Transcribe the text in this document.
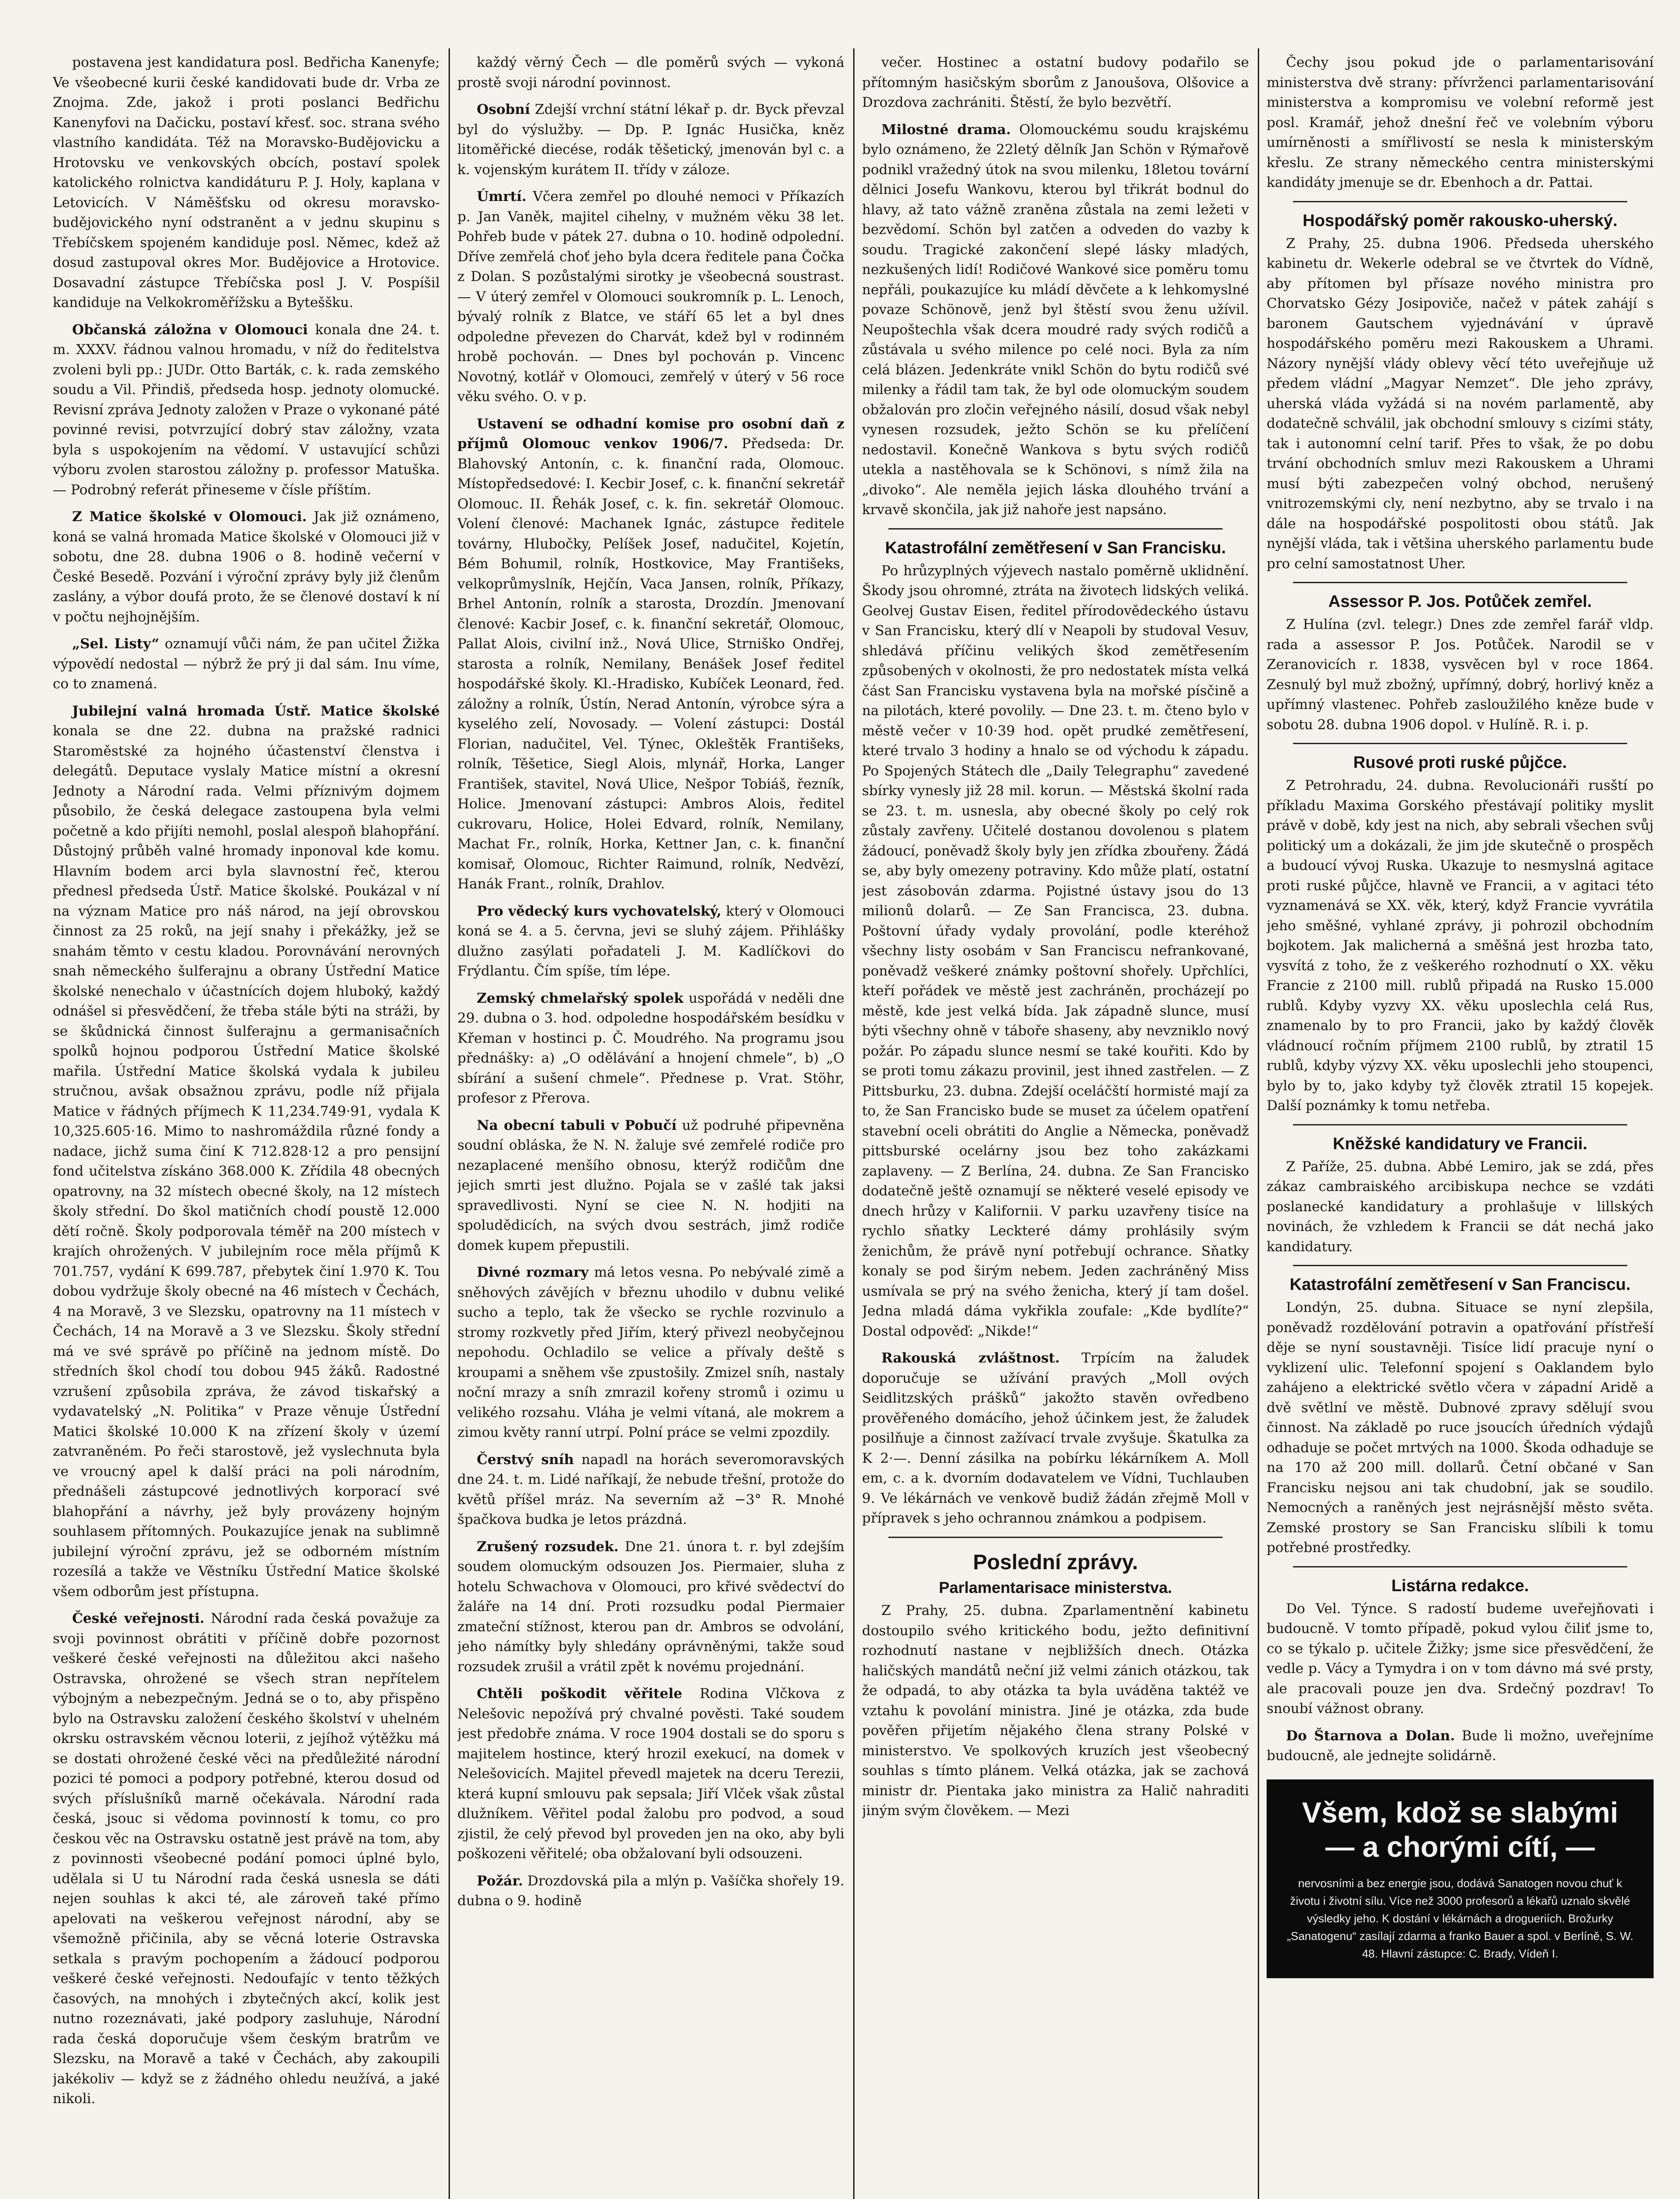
postavena jest kandidatura posl. Bedřicha Kanenyfe; Ve všeobecné kurii české kandidovati bude dr. Vrba ze Znojma. Zde, jakož i proti poslanci Bedřichu Kanenyfovi na Dačicku, postaví křesť. soc. strana svého vlastního kandidáta. Též na Moravsko-Budějovicku a Hrotovsku ve venkovských obcích, postaví spolek katolického rolnictva kandidáturu P. J. Holy, kaplana v Letovicích. V Náměšťsku od okresu moravsko-budějovického nyní odstraněnt a v jednu skupinu s Třebíčskem spojeném kandiduje posl. Němec, kdež až dosud zastupoval okres Mor. Budějovice a Hrotovice. Dosavadní zástupce Třebíčska posl J. V. Pospíšil kandiduje na Velkokroměřížsku a Byteššku.

Občanská záložna v Olomouci konala dne 24. t. m. XXXV. řádnou valnou hromadu, v níž do ředitelstva zvoleni byli pp.: JUDr. Otto Barták, c. k. rada zemského soudu a Vil. Přindiš, předseda hosp. jednoty olomucké. Revisní zpráva Jednoty založen v Praze o vykonané páté povinné revisi, potvrzující dobrý stav záložny, vzata byla s uspokojením na vědomí. V ustavující schůzi výboru zvolen starostou záložny p. professor Matuška. — Podrobný referát přineseme v čísle příštím.

Z Matice školské v Olomouci. Jak již oznámeno, koná se valná hromada Matice školské v Olomouci již v sobotu, dne 28. dubna 1906 o 8. hodině večerní v České Besedě. Pozvání i výroční zprávy byly již členům zaslány, a výbor doufá proto, že se členové dostaví k ní v počtu nejhojnějším.

„Sel. Listy“ oznamují vůči nám, že pan učitel Žižka výpovědí nedostal — nýbrž že prý ji dal sám. Inu víme, co to znamená.

Jubilejní valná hromada Ústř. Matice školské konala se dne 22. dubna na pražské radnici Staroměstské za hojného účastenství členstva i delegátů. Deputace vyslaly Matice místní a okresní Jednoty a Národní rada. Velmi příznivým dojmem působilo, že česká delegace zastoupena byla velmi početně a kdo přijíti nemohl, poslal alespoň blahopřání. Důstojný průběh valné hromady inponoval kde komu. Hlavním bodem arci byla slavnostní řeč, kterou přednesl předseda Ústř. Matice školské. Poukázal v ní na význam Matice pro náš národ, na její obrovskou činnost za 25 roků, na její snahy i překážky, jež se snahám těmto v cestu kladou. Porovnávání nerovných snah německého šulferajnu a obrany Ústřední Matice školské nenechalo v účastnících dojem hluboký, každý odnášel si přesvědčení, že třeba stále býti na stráži, by se škůdnická činnost šulferajnu a germanisačních spolků hojnou podporou Ústřední Matice školské mařila. Ústřední Matice školská vydala k jubileu stručnou, avšak obsažnou zprávu, podle níž přijala Matice v řádných příjmech K 11,234.749·91, vydala K 10,325.605·16. Mimo to nashromáždila různé fondy a nadace, jichž suma činí K 712.828·12 a pro pensijní fond učitelstva získáno 368.000 K. Zřídila 48 obecných opatrovny, na 32 místech obecné školy, na 12 místech školy střední. Do škol matičních chodí poustě 12.000 dětí ročně. Školy podporovala téměř na 200 místech v krajích ohrožených. V jubilejním roce měla příjmů K 701.757, vydání K 699.787, přebytek činí 1.970 K. Tou dobou vydržuje školy obecné na 46 místech v Čechách, 4 na Moravě, 3 ve Slezsku, opatrovny na 11 místech v Čechách, 14 na Moravě a 3 ve Slezsku. Školy střední má ve své správě po příčině na jednom místě. Do středních škol chodí tou dobou 945 žáků. Radostné vzrušení způsobila zpráva, že závod tiskařský a vydavatelský „N. Politika“ v Praze věnuje Ústřední Matici školské 10.000 K na zřízení školy v území zatvraněném. Po řeči starostově, jež vyslechnuta byla ve vroucný apel k další práci na poli národním, přednášeli zástupcové jednotlivých korporací své blahopřání a návrhy, jež byly provázeny hojným souhlasem přítomných. Poukazujíce jenak na sublimně jubilejní výroční zprávu, jež se odborném místním rozesílá a takže ve Věstníku Ústřední Matice školské všem odborům jest přístupna.

České veřejnosti. Národní rada česká považuje za svoji povinnost obrátiti v příčině dobře pozornost veškeré české veřejnosti na důležitou akci našeho Ostravska, ohrožené se všech stran nepřítelem výbojným a nebezpečným. Jedná se o to, aby přispěno bylo na Ostravsku založení českého školství v uhelném okrsku ostravském věcnou loterii, z jejíhož výtěžku má se dostati ohrožené české věci na předůležité národní pozici té pomoci a podpory potřebné, kterou dosud od svých příslušníků marně očekávala. Národní rada česká, jsouc si vědoma povinností k tomu, co pro českou věc na Ostravsku ostatně jest právě na tom, aby z povinnosti všeobecné podání pomoci úplné bylo, udělala si U tu Národní rada česká usnesla se dáti nejen souhlas k akci té, ale zároveň také přímo apelovati na veškerou veřejnost národní, aby se všemožně přičinila, aby se věcná loterie Ostravska setkala s pravým pochopením a žádoucí podporou veškeré české veřejnosti. Nedoufajíc v tento těžkých časových, na mnohých i zbytečných akcí, kolik jest nutno rozeznávati, jaké podpory zasluhuje, Národní rada česká doporučuje všem českým bratrům ve Slezsku, na Moravě a také v Čechách, aby zakoupili jakékoliv — když se z žádného ohledu neužívá, a jaké nikoli.

každý věrný Čech — dle poměrů svých — vykoná prostě svoji národní povinnost.

Osobní Zdejší vrchní státní lékař p. dr. Byck převzal byl do výslužby. — Dp. P. Ignác Husička, kněz litoměřické diecése, rodák těšetický, jmenován byl c. a k. vojenským kurátem II. třídy v záloze.

Úmrtí. Včera zemřel po dlouhé nemoci v Příkazích p. Jan Vaněk, majitel cihelny, v mužném věku 38 let. Pohřeb bude v pátek 27. dubna o 10. hodině odpolední. Dříve zemřelá choť jeho byla dcera ředitele pana Čočka z Dolan. S pozůstalými sirotky je všeobecná soustrast. — V úterý zemřel v Olomouci soukromník p. L. Lenoch, bývalý rolník z Blatce, ve stáří 65 let a byl dnes odpoledne převezen do Charvát, kdež byl v rodinném hrobě pochován. — Dnes byl pochován p. Vincenc Novotný, kotlář v Olomouci, zemřelý v úterý v 56 roce věku svého. O. v p.

Ustavení se odhadní komise pro osobní daň z příjmů Olomouc venkov 1906/7. Předseda: Dr. Blahovský Antonín, c. k. finanční rada, Olomouc. Místopředsedové: I. Kecbir Josef, c. k. finanční sekretář Olomouc. II. Řehák Josef, c. k. fin. sekretář Olomouc. Volení členové: Machanek Ignác, zástupce ředitele továrny, Hlubočky, Pelíšek Josef, nadučitel, Kojetín, Bém Bohumil, rolník, Hostkovice, May Františeks, velkoprůmyslník, Hejčín, Vaca Jansen, rolník, Příkazy, Brhel Antonín, rolník a starosta, Drozdín. Jmenovaní členové: Kacbir Josef, c. k. finanční sekretář, Olomouc, Pallat Alois, civilní inž., Nová Ulice, Strniško Ondřej, starosta a rolník, Nemilany, Benášek Josef ředitel hospodářské školy. Kl.-Hradisko, Kubíček Leonard, řed. záložny a rolník, Ústín, Nerad Antonín, výrobce sýra a kyselého zelí, Novosady. — Volení zástupci: Dostál Florian, nadučitel, Vel. Týnec, Okleštěk Františeks, rolník, Těšetice, Siegl Alois, mlynář, Horka, Langer František, stavitel, Nová Ulice, Nešpor Tobiáš, řezník, Holice. Jmenovaní zástupci: Ambros Alois, ředitel cukrovaru, Holice, Holei Edvard, rolník, Nemilany, Machat Fr., rolník, Horka, Kettner Jan, c. k. finanční komisař, Olomouc, Richter Raimund, rolník, Nedvězí, Hanák Frant., rolník, Drahlov.

Pro vědecký kurs vychovatelský, který v Olomouci koná se 4. a 5. června, jevi se sluhý zájem. Přihlášky dlužno zasýlati pořadateli J. M. Kadlíčkovi do Frýdlantu. Čím spíše, tím lépe.

Zemský chmelařský spolek uspořádá v neděli dne 29. dubna o 3. hod. odpoledne hospodářském besídku v Křeman v hostinci p. Č. Moudrého. Na programu jsou přednášky: a) „O odělávání a hnojení chmele“, b) „O sbírání a sušení chmele“. Přednese p. Vrat. Stöhr, profesor z Přerova.

Na obecní tabuli v Pobučí už podruhé připevněna soudní obláska, že N. N. žaluje své zemřelé rodiče pro nezaplacené menšího obnosu, kterýž rodičům dne jejich smrti jest dlužno. Pojala se v zašlé tak jaksi spravedlivosti. Nyní se ciee N. N. hodjiti na spoludědicích, na svých dvou sestrách, jimž rodiče domek kupem přepustili.

Divné rozmary má letos vesna. Po nebývalé zimě a sněhových závějích v březnu uhodilo v dubnu veliké sucho a teplo, tak že všecko se rychle rozvinulo a stromy rozkvetly před Jiřím, který přivezl neobyčejnou nepohodu. Ochladilo se velice a přívaly deště s kroupami a sněhem vše zpustošily. Zmizel sníh, nastaly noční mrazy a sníh zmrazil kořeny stromů i ozimu u velikého rozsahu. Vláha je velmi vítaná, ale mokrem a zimou květy ranní utrpí. Polní práce se velmi zpozdily.

Čerstvý sníh napadl na horách severomoravských dne 24. t. m. Lidé naříkají, že nebude třešní, protože do květů příšel mráz. Na severním až −3° R. Mnohé špačkova budka je letos prázdná.

Zrušený rozsudek. Dne 21. února t. r. byl zdejším soudem olomuckým odsouzen Jos. Piermaier, sluha z hotelu Schwachova v Olomouci, pro křivé svědectví do žaláře na 14 dní. Proti rozsudku podal Piermaier zmateční stížnost, kterou pan dr. Ambros se odvolání, jeho námítky byly shledány oprávněnými, takže soud rozsudek zrušil a vrátil zpět k novému projednání.

Chtěli poškodit věřitele Rodina Vlčkova z Nelešovic nepožívá prý chvalné pověsti. Také soudem jest předobře známa. V roce 1904 dostali se do sporu s majitelem hostince, který hrozil exekucí, na domek v Nelešovicích. Majitel převedl majetek na dceru Terezii, která kupní smlouvu pak sepsala; Jiří Vlček však zůstal dlužníkem. Věřitel podal žalobu pro podvod, a soud zjistil, že celý převod byl proveden jen na oko, aby byli poškozeni věřitelé; oba obžalovaní byli odsouzeni.

Požár. Drozdovská pila a mlýn p. Vašíčka shořely 19. dubna o 9. hodině

večer. Hostinec a ostatní budovy podařilo se přítomným hasičským sborům z Janoušova, Olšovice a Drozdova zachrániti. Štěstí, že bylo bezvětří.

Milostné drama. Olomouckému soudu krajskému bylo oznámeno, že 22letý dělník Jan Schön v Rýmařově podnikl vražedný útok na svou milenku, 18letou tovární dělnici Josefu Wankovu, kterou byl třikrát bodnul do hlavy, až tato vážně zraněna zůstala na zemi ležeti v bezvědomí. Schön byl zatčen a odveden do vazby k soudu. Tragické zakončení slepé lásky mladých, nezkušených lidí! Rodičové Wankové sice poměru tomu nepřáli, poukazujíce ku mládí děvčete a k lehkomyslné povaze Schönově, jenž byl štěstí svou ženu užívil. Neupoštechla však dcera moudré rady svých rodičů a zůstávala u svého milence po celé noci. Byla za ním celá blázen. Jedenkráte vnikl Schön do bytu rodičů své milenky a řádil tam tak, že byl ode olomuckým soudem obžalován pro zločin veřejného násilí, dosud však nebyl vynesen rozsudek, ježto Schön se ku přelíčení nedostavil. Konečně Wankova s bytu svých rodičů utekla a nastěhovala se k Schönovi, s nímž žila na „divoko“. Ale neměla jejich láska dlouhého trvání a krvavě skončila, jak již nahoře jest napsáno.

Katastrofální zemětřesení v San Francisku.

Po hrůzyplných výjevech nastalo poměrně uklidnění. Škody jsou ohromné, ztráta na životech lidských veliká. Geolvej Gustav Eisen, ředitel přírodovědeckého ústavu v San Francisku, který dlí v Neapoli by studoval Vesuv, shledává příčinu velikých škod zemětřesením způsobených v okolnosti, že pro nedostatek místa velká část San Francisku vystavena byla na mořské písčině a na pilotách, které povolily. — Dne 23. t. m. čteno bylo v městě večer v 10·39 hod. opět prudké zemětřesení, které trvalo 3 hodiny a hnalo se od východu k západu. Po Spojených Státech dle „Daily Telegraphu“ zavedené sbírky vynesly již 28 mil. korun. — Městská školní rada se 23. t. m. usnesla, aby obecné školy po celý rok zůstaly zavřeny. Učitelé dostanou dovolenou s platem žádoucí, poněvadž školy byly jen zřídka zbouřeny. Žádá se, aby byly omezeny potraviny. Kdo může platí, ostatní jest zásobován zdarma. Pojistné ústavy jsou do 13 milionů dolarů. — Ze San Francisca, 23. dubna. Poštovní úřady vydaly provolání, podle kteréhož všechny listy osobám v San Franciscu nefrankované, poněvadž veškeré známky poštovní shořely. Upřchlíci, kteří pořádek ve městě jest zachráněn, procházejí po městě, kde jest velká bída. Jak západně slunce, musí býti všechny ohně v táboře shaseny, aby nevzniklo nový požár. Po západu slunce nesmí se také kouřiti. Kdo by se proti tomu zákazu provinil, jest ihned zastřelen. — Z Pittsburku, 23. dubna. Zdejší oceláčští hormisté mají za to, že San Francisko bude se muset za účelem opatření stavební oceli obrátiti do Anglie a Německa, poněvadž pittsburské ocelárny jsou bez toho zakázkami zaplaveny. — Z Berlína, 24. dubna. Ze San Francisko dodatečně ještě oznamují se některé veselé episody ve dnech hrůzy v Kalifornii. V parku uzavřeny tisíce na rychlo sňatky Leckteré dámy prohlásily svým ženichům, že právě nyní potřebují ochrance. Sňatky konaly se pod širým nebem. Jeden zachráněný Miss usmívala se prý na svého ženicha, který jí tam došel. Jedna mladá dáma vykřikla zoufale: „Kde bydlíte?“ Dostal odpověď: „Nikde!“

Rakouská zvláštnost. Trpícím na žaludek doporučuje se užívání pravých „Moll ových Seidlitzských prášků“ jakožto stavěn ovředbeno prověřeného domácího, jehož účinkem jest, že žaludek posilňuje a činnost zažívací trvale zvyšuje. Škatulka za K 2·—. Denní zásilka na pobírku lékárníkem A. Moll em, c. a k. dvorním dodavatelem ve Vídni, Tuchlauben 9. Ve lékárnách ve venkově budiž žádán zřejmě Moll v přípravek s jeho ochrannou známkou a podpisem.

Poslední zprávy.
Parlamentarisace ministerstva.

Z Prahy, 25. dubna. Zparlamentnění kabinetu dostoupilo svého kritického bodu, ježto definitivní rozhodnutí nastane v nejbližších dnech. Otázka haličských mandátů neční již velmi zánich otázkou, tak že odpadá, to aby otázka ta byla uváděna taktéž ve vztahu k povolání ministra. Jiné je otázka, zda bude pověřen přijetím nějakého člena strany Polské v ministerstvo. Ve spolkových kruzích jest všeobecný souhlas s tímto plánem. Velká otázka, jak se zachová ministr dr. Pientaka jako ministra za Halič nahraditi jiným svým člověkem. — Mezi

Čechy jsou pokud jde o parlamentarisování ministerstva dvě strany: přívrženci parlamentarisování ministerstva a kompromisu ve volební reformě jest posl. Kramář, jehož dnešní řeč ve volebním výboru umírněnosti a smířlivostí se nesla k ministerským křeslu. Ze strany německého centra ministerskými kandidáty jmenuje se dr. Ebenhoch a dr. Pattai.

Hospodářský poměr rakousko-uherský.

Z Prahy, 25. dubna 1906. Předseda uherského kabinetu dr. Wekerle odebral se ve čtvrtek do Vídně, aby přítomen byl přísaze nového ministra pro Chorvatsko Gézy Josipoviče, načež v pátek zahájí s baronem Gautschem vyjednávání v úpravě hospodářského poměru mezi Rakouskem a Uhrami. Názory nynější vlády oblevy věcí této uveřejňuje už předem vládní „Magyar Nemzet“. Dle jeho zprávy, uherská vláda vyžádá si na novém parlamentě, aby dodatečně schválil, jak obchodní smlouvy s cizími státy, tak i autonomní celní tarif. Přes to však, že po dobu trvání obchodních smluv mezi Rakouskem a Uhrami musí býti zabezpečen volný obchod, nerušený vnitrozemskými cly, není nezbytno, aby se trvalo i na dále na hospodářské pospolitosti obou států. Jak nynější vláda, tak i většina uherského parlamentu bude pro celní samostatnost Uher.

Assessor P. Jos. Potůček zemřel.

Z Hulína (zvl. telegr.) Dnes zde zemřel farář vldp. rada a assessor P. Jos. Potůček. Narodil se v Zeranovicích r. 1838, vysvěcen byl v roce 1864. Zesnulý byl muž zbožný, upřímný, dobrý, horlivý kněz a upřímný vlastenec. Pohřeb zasloužilého kněze bude v sobotu 28. dubna 1906 dopol. v Hulíně. R. i. p.

Rusové proti ruské půjčce.

Z Petrohradu, 24. dubna. Revolucionáři rusští po příkladu Maxima Gorského přestávají politiky myslit právě v době, kdy jest na nich, aby sebrali všechen svůj politický um a dokázali, že jim jde skutečně o prospěch a budoucí vývoj Ruska. Ukazuje to nesmyslná agitace proti ruské půjčce, hlavně ve Francii, a v agitaci této vyznamenává se XX. věk, který, když Francie vyvrátila jeho směšné, vyhlané zprávy, ji pohrozil obchodním bojkotem. Jak malicherná a směšná jest hrozba tato, vysvítá z toho, že z veškerého rozhodnutí o XX. věku Francie z 2100 mill. rublů připadá na Rusko 15.000 rublů. Kdyby vyzvy XX. věku uposlechla celá Rus, znamenalo by to pro Francii, jako by každý člověk vládnoucí ročním příjmem 2100 rublů, by ztratil 15 rublů, kdyby výzvy XX. věku uposlechli jeho stoupenci, bylo by to, jako kdyby tyž člověk ztratil 15 kopejek. Další poznámky k tomu netřeba.

Kněžské kandidatury ve Francii.

Z Paříže, 25. dubna. Abbé Lemiro, jak se zdá, přes zákaz cambraiského arcibiskupa nechce se vzdáti poslanecké kandidatury a prohlašuje v lillských novinách, že vzhledem k Francii se dát nechá jako kandidatury.

Katastrofální zemětřesení v San Franciscu.

Londýn, 25. dubna. Situace se nyní zlepšila, poněvadž rozdělování potravin a opatřování přístřeší děje se nyní soustavněji. Tisíce lidí pracuje nyní o vyklizení ulic. Telefonní spojení s Oaklandem bylo zahájeno a elektrické světlo včera v západní Aridě a dvě světlní ve městě. Dubnové zpravy sdělují svou činnost. Na základě po ruce jsoucích úředních výdajů odhaduje se počet mrtvých na 1000. Škoda odhaduje se na 170 až 200 mill. dollarů. Četní občané v San Francisku nejsou ani tak chudobní, jak se soudilo. Nemocných a raněných jest nejrásnější město světa. Zemské prostory se San Francisku slíbili k tomu potřebné prostředky.

Listárna redakce.

Do Vel. Týnce. S radostí budeme uveřejňovati i budoucně. V tomto případě, pokud vylou čiliť jsme to, co se týkalo p. učitele Žižky; jsme sice přesvědčení, že vedle p. Vácy a Tymydra i on v tom dávno má své prsty, ale pracovali pouze jen dva. Srdečný pozdrav! To snoubí vážnost obrany.

Do Štarnova a Dolan. Bude li možno, uveřejníme budoucně, ale jednejte solidárně.

Všem, kdož se slabými
— a chorými cítí, —
nervosními a bez energie jsou, dodává Sanatogen novou chuť k životu i životní sílu. Více než 3000 profesorů a lékařů uznalo skvělé výsledky jeho. K dostání v lékárnách a drogueriích. Brožurky „Sanatogenu“ zasílají zdarma a franko Bauer a spol. v Berlíně, S. W. 48. Hlavní zástupce: C. Brady, Vídeň I.
